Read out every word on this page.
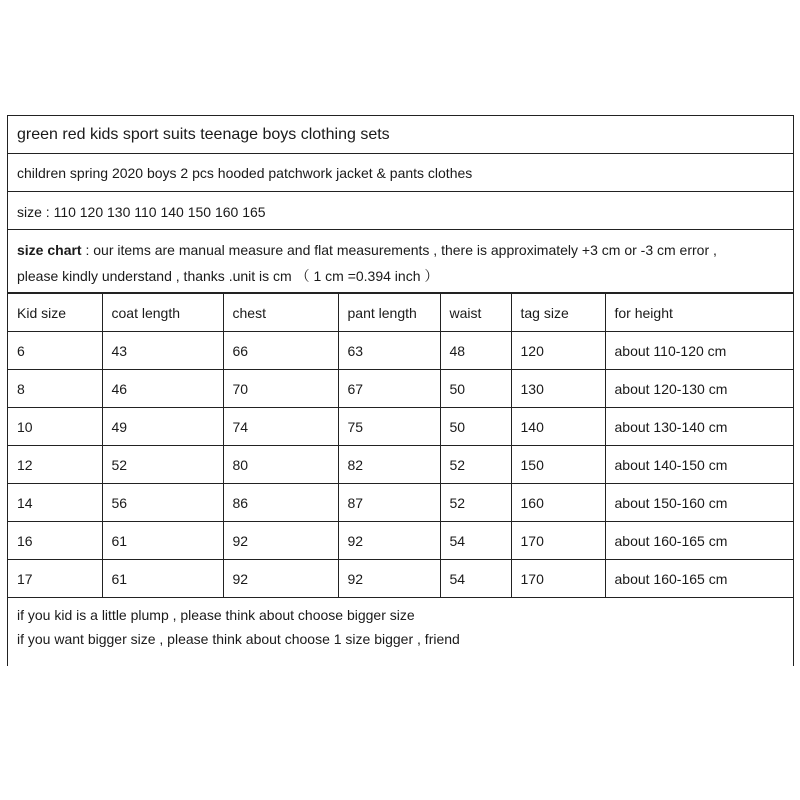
green red kids sport suits teenage boys clothing sets
children spring 2020 boys 2 pcs hooded patchwork jacket & pants clothes
size : 110 120 130 110 140 150 160 165
size chart : our items are manual measure and flat measurements , there is approximately +3 cm or -3 cm error ,
please kindly understand , thanks .unit is cm （ 1 cm =0.394 inch ）
Kid size	coat length	chest	pant length	waist	tag size	for height
6	43	66	63	48	120	about 110-120 cm
8	46	70	67	50	130	about 120-130 cm
10	49	74	75	50	140	about 130-140 cm
12	52	80	82	52	150	about 140-150 cm
14	56	86	87	52	160	about 150-160 cm
16	61	92	92	54	170	about 160-165 cm
17	61	92	92	54	170	about 160-165 cm
if you kid is a little plump , please think about choose bigger size
if you want bigger size , please think about choose 1 size bigger , friend
